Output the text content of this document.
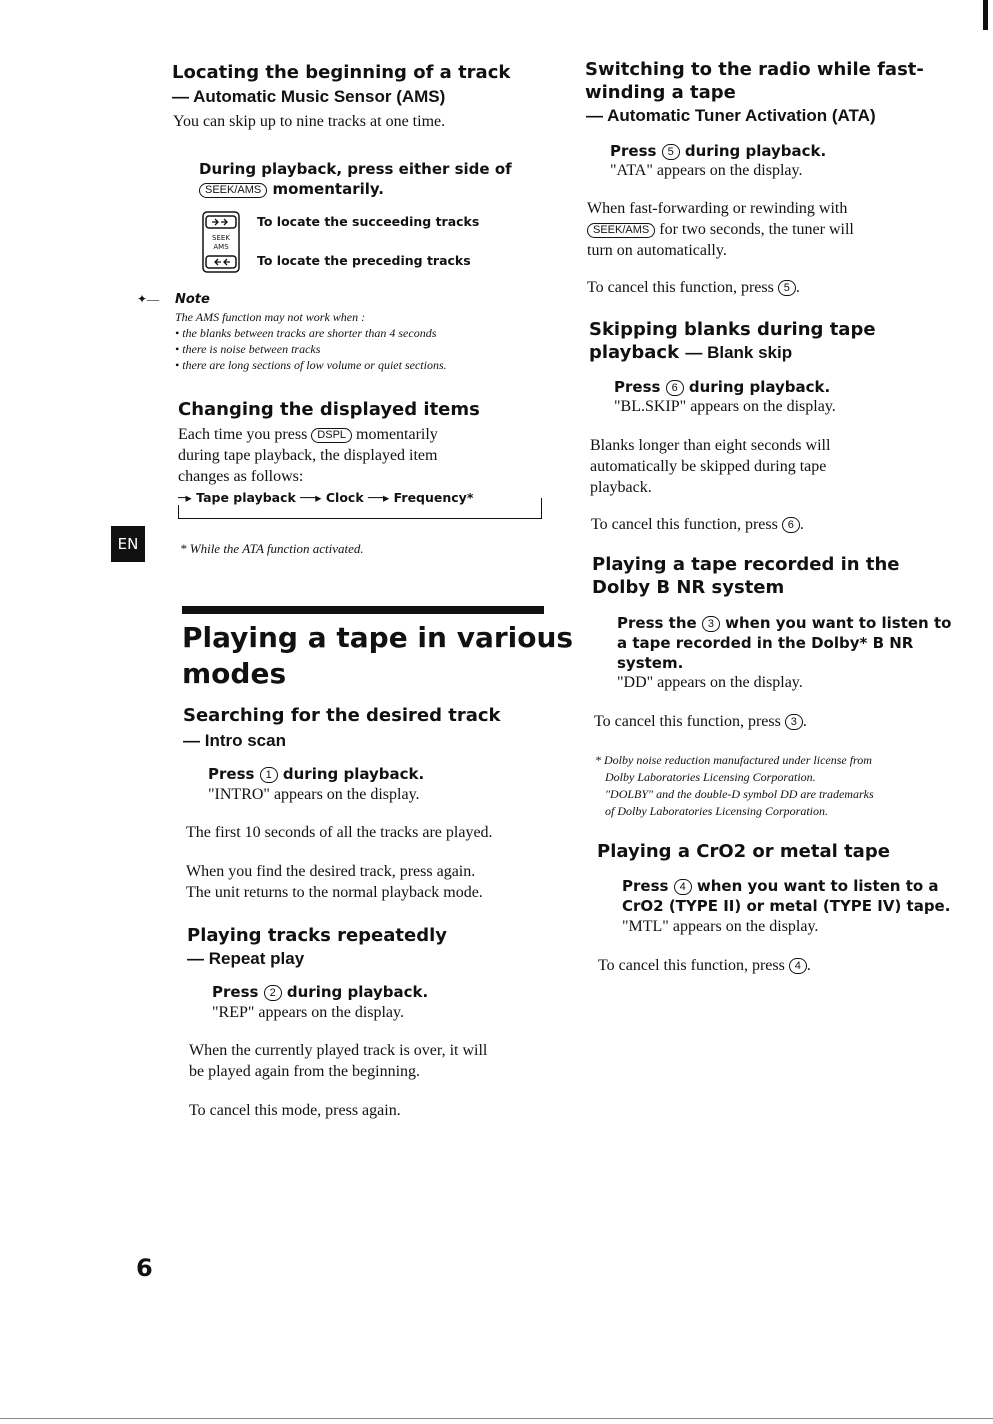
EN
Locating the beginning of a track
— Automatic Music Sensor (AMS)
You can skip up to nine tracks at one time.
During playback, press either side of
SEEK/AMS momentarily.
SEEK
AMS
To locate the succeeding tracks
To locate the preceding tracks
✦— Note
The AMS function may not work when :
• the blanks between tracks are shorter than 4 seconds
• there is noise between tracks
• there are long sections of low volume or quiet sections.
Changing the displayed items
Each time you press DSPL momentarily
during tape playback, the displayed item
changes as follows:
─▸ Tape playback ──▸ Clock ──▸ Frequency*
* While the ATA function activated.
Playing a tape in various
modes
Searching for the desired track
— Intro scan
Press 1 during playback.
"INTRO" appears on the display.
The first 10 seconds of all the tracks are played.
When you find the desired track, press again.
The unit returns to the normal playback mode.
Playing tracks repeatedly
— Repeat play
Press 2 during playback.
"REP" appears on the display.
When the currently played track is over, it will
be played again from the beginning.
To cancel this mode, press again.
6
Switching to the radio while fast-
winding a tape
— Automatic Tuner Activation (ATA)
Press 5 during playback.
"ATA" appears on the display.
When fast-forwarding or rewinding with
SEEK/AMS for two seconds, the tuner will
turn on automatically.
To cancel this function, press 5 .
Skipping blanks during tape
playback — Blank skip
Press 6 during playback.
"BL.SKIP" appears on the display.
Blanks longer than eight seconds will
automatically be skipped during tape
playback.
To cancel this function, press 6 .
Playing a tape recorded in the
Dolby B NR system
Press the 3 when you want to listen to
a tape recorded in the Dolby* B NR
system.
"DD" appears on the display.
To cancel this function, press 3 .
* Dolby noise reduction manufactured under license from
Dolby Laboratories Licensing Corporation.
"DOLBY" and the double-D symbol DD are trademarks
of Dolby Laboratories Licensing Corporation.
Playing a CrO2 or metal tape
Press 4 when you want to listen to a
CrO2 (TYPE II) or metal (TYPE IV) tape.
"MTL" appears on the display.
To cancel this function, press 4 .
